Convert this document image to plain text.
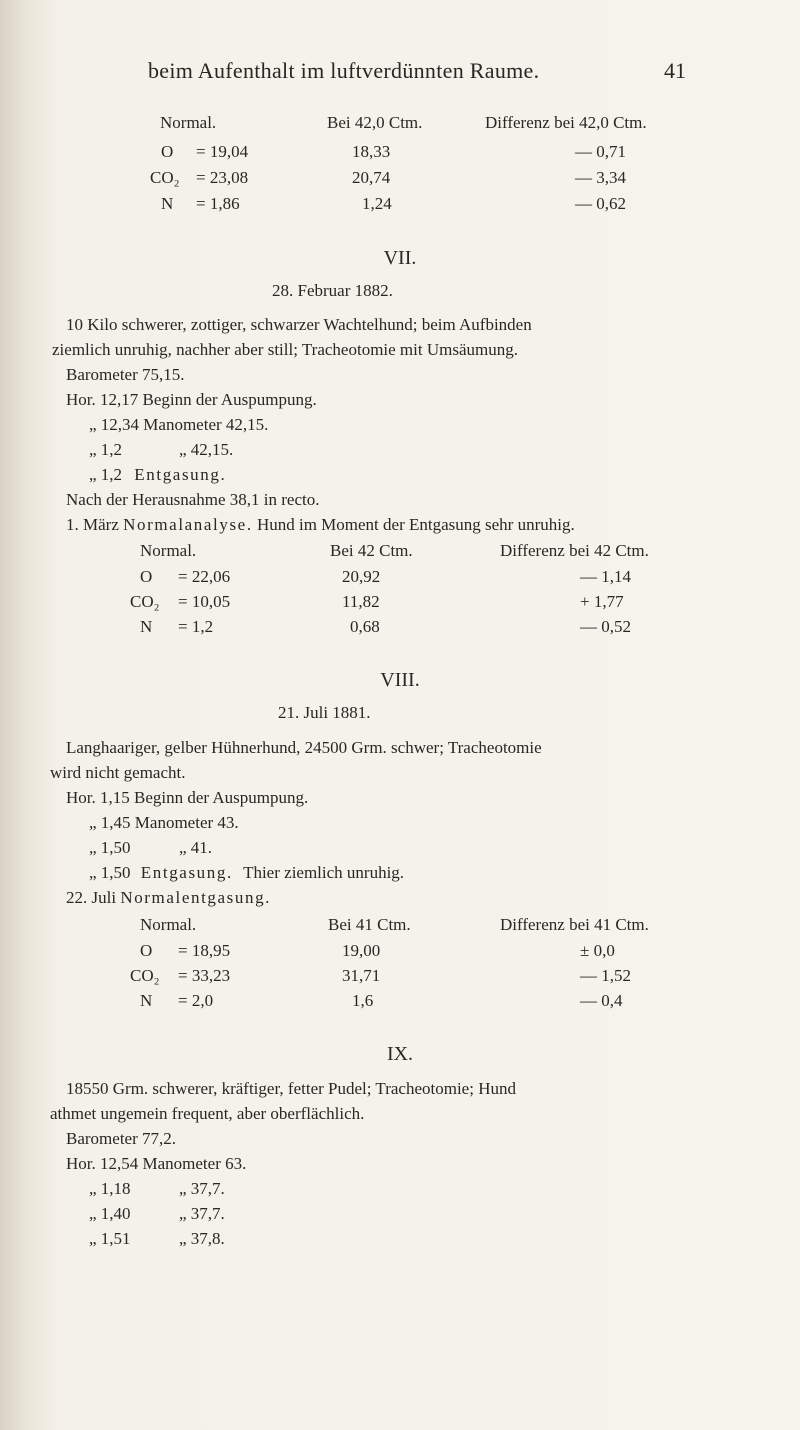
beim Aufenthalt im luftverdünnten Raume.	41
Normal.	Bei 42,0 Ctm.	Differenz bei 42,0 Ctm.
O = 19,04	18,33	— 0,71
CO₂ = 23,08	20,74	— 3,34
N = 1,86	1,24	— 0,62
VII.
28. Februar 1882.
10 Kilo schwerer, zottiger, schwarzer Wachtelhund; beim Aufbinden
ziemlich unruhig, nachher aber still; Tracheotomie mit Umsäumung.
Barometer 75,15.
Hor. 12,17 Beginn der Auspumpung.
„ 12,34 Manometer 42,15.
„ 1,2	„ 42,15.
„ 1,2 Entgasung.
Nach der Herausnahme 38,1 in recto.
1. März Normalanalyse. Hund im Moment der Entgasung sehr unruhig.
Normal.	Bei 42 Ctm.	Differenz bei 42 Ctm.
O = 22,06	20,92	— 1,14
CO₂ = 10,05	11,82	+ 1,77
N = 1,2	0,68	— 0,52
VIII.
21. Juli 1881.
Langhaariger, gelber Hühnerhund, 24500 Grm. schwer; Tracheotomie
wird nicht gemacht.
Hor. 1,15 Beginn der Auspumpung.
„ 1,45 Manometer 43.
„ 1,50	„ 41.
„ 1,50 Entgasung. Thier ziemlich unruhig.
22. Juli Normalentgasung.
Normal.	Bei 41 Ctm.	Differenz bei 41 Ctm.
O = 18,95	19,00	± 0,0
CO₂ = 33,23	31,71	— 1,52
N = 2,0	1,6	— 0,4
IX.
18550 Grm. schwerer, kräftiger, fetter Pudel; Tracheotomie; Hund
athmet ungemein frequent, aber oberflächlich.
Barometer 77,2.
Hor. 12,54 Manometer 63.
„ 1,18	„ 37,7.
„ 1,40	„ 37,7.
„ 1,51	„ 37,8.
